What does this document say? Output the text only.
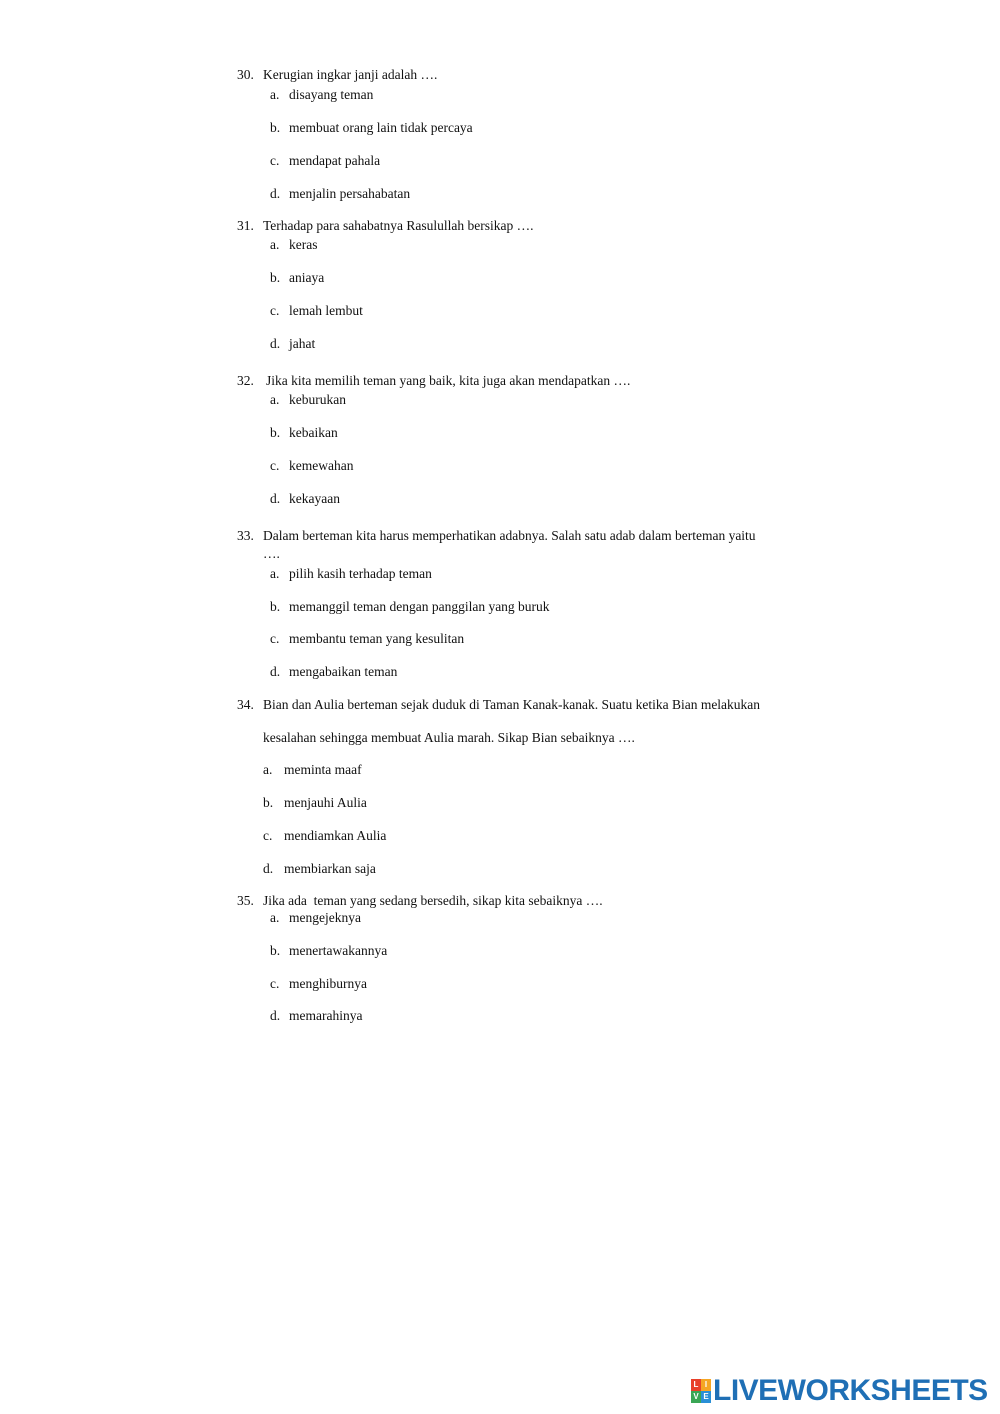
30. Kerugian ingkar janji adalah ….
a. disayang teman
b. membuat orang lain tidak percaya
c. mendapat pahala
d. menjalin persahabatan
31. Terhadap para sahabatnya Rasulullah bersikap ….
a. keras
b. aniaya
c. lemah lembut
d. jahat
32. Jika kita memilih teman yang baik, kita juga akan mendapatkan ….
a. keburukan
b. kebaikan
c. kemewahan
d. kekayaan
33. Dalam berteman kita harus memperhatikan adabnya. Salah satu adab dalam berteman yaitu
….
a. pilih kasih terhadap teman
b. memanggil teman dengan panggilan yang buruk
c. membantu teman yang kesulitan
d. mengabaikan teman
34. Bian dan Aulia berteman sejak duduk di Taman Kanak-kanak. Suatu ketika Bian melakukan
kesalahan sehingga membuat Aulia marah. Sikap Bian sebaiknya ….
a. meminta maaf
b. menjauhi Aulia
c. mendiamkan Aulia
d. membiarkan saja
35. Jika ada  teman yang sedang bersedih, sikap kita sebaiknya ….
a. mengejeknya
b. menertawakannya
c. menghiburnya
d. memarahinya
L I
V E LIVEWORKSHEETS
